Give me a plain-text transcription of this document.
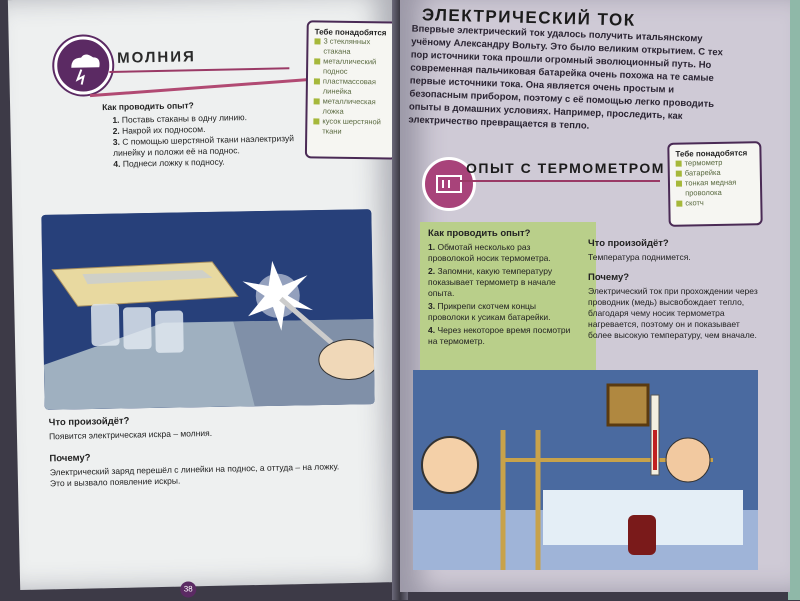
МОЛНИЯ
Как проводить опыт?
1. Поставь стаканы в одну линию.
2. Накрой их подносом.
3. С помощью шерстяной ткани наэлектризуй линейку и положи её на поднос.
4. Поднеси ложку к подносу.
Тебе понадобятся
3 стеклянных стакана
металлический поднос
пластмассовая линейка
металлическая ложка
кусок шерстяной ткани
Что произойдёт?
Появится электрическая искра – молния.
Почему?
Электрический заряд перешёл с линейки на поднос, а оттуда – на ложку. Это и вызвало появление искры.
38
ЭЛЕКТРИЧЕСКИЙ ТОК
Впервые электрический ток удалось получить итальянскому учёному Александру Вольту. Это было великим открытием. С тех пор источники тока прошли огромный эволюционный путь. Но современная пальчиковая батарейка очень похожа на те самые первые источники тока. Она является очень простым и безопасным прибором, поэтому с её помощью легко проводить опыты в домашних условиях. Например, проследить, как электричество превращается в тепло.
ОПЫТ С ТЕРМОМЕТРОМ
Тебе понадобятся
термометр
батарейка
тонкая медная проволока
скотч
Как проводить опыт?
1. Обмотай несколько раз проволокой носик термометра.
2. Запомни, какую температуру показывает термометр в начале опыта.
3. Прикрепи скотчем концы проволоки к усикам батарейки.
4. Через некоторое время посмотри на термометр.
Что произойдёт?
Температура поднимется.
Почему?
Электрический ток при прохождении через проводник (медь) высвобождает тепло, благодаря чему носик термометра нагревается, поэтому он и показывает более высокую температуру, чем вначале.
